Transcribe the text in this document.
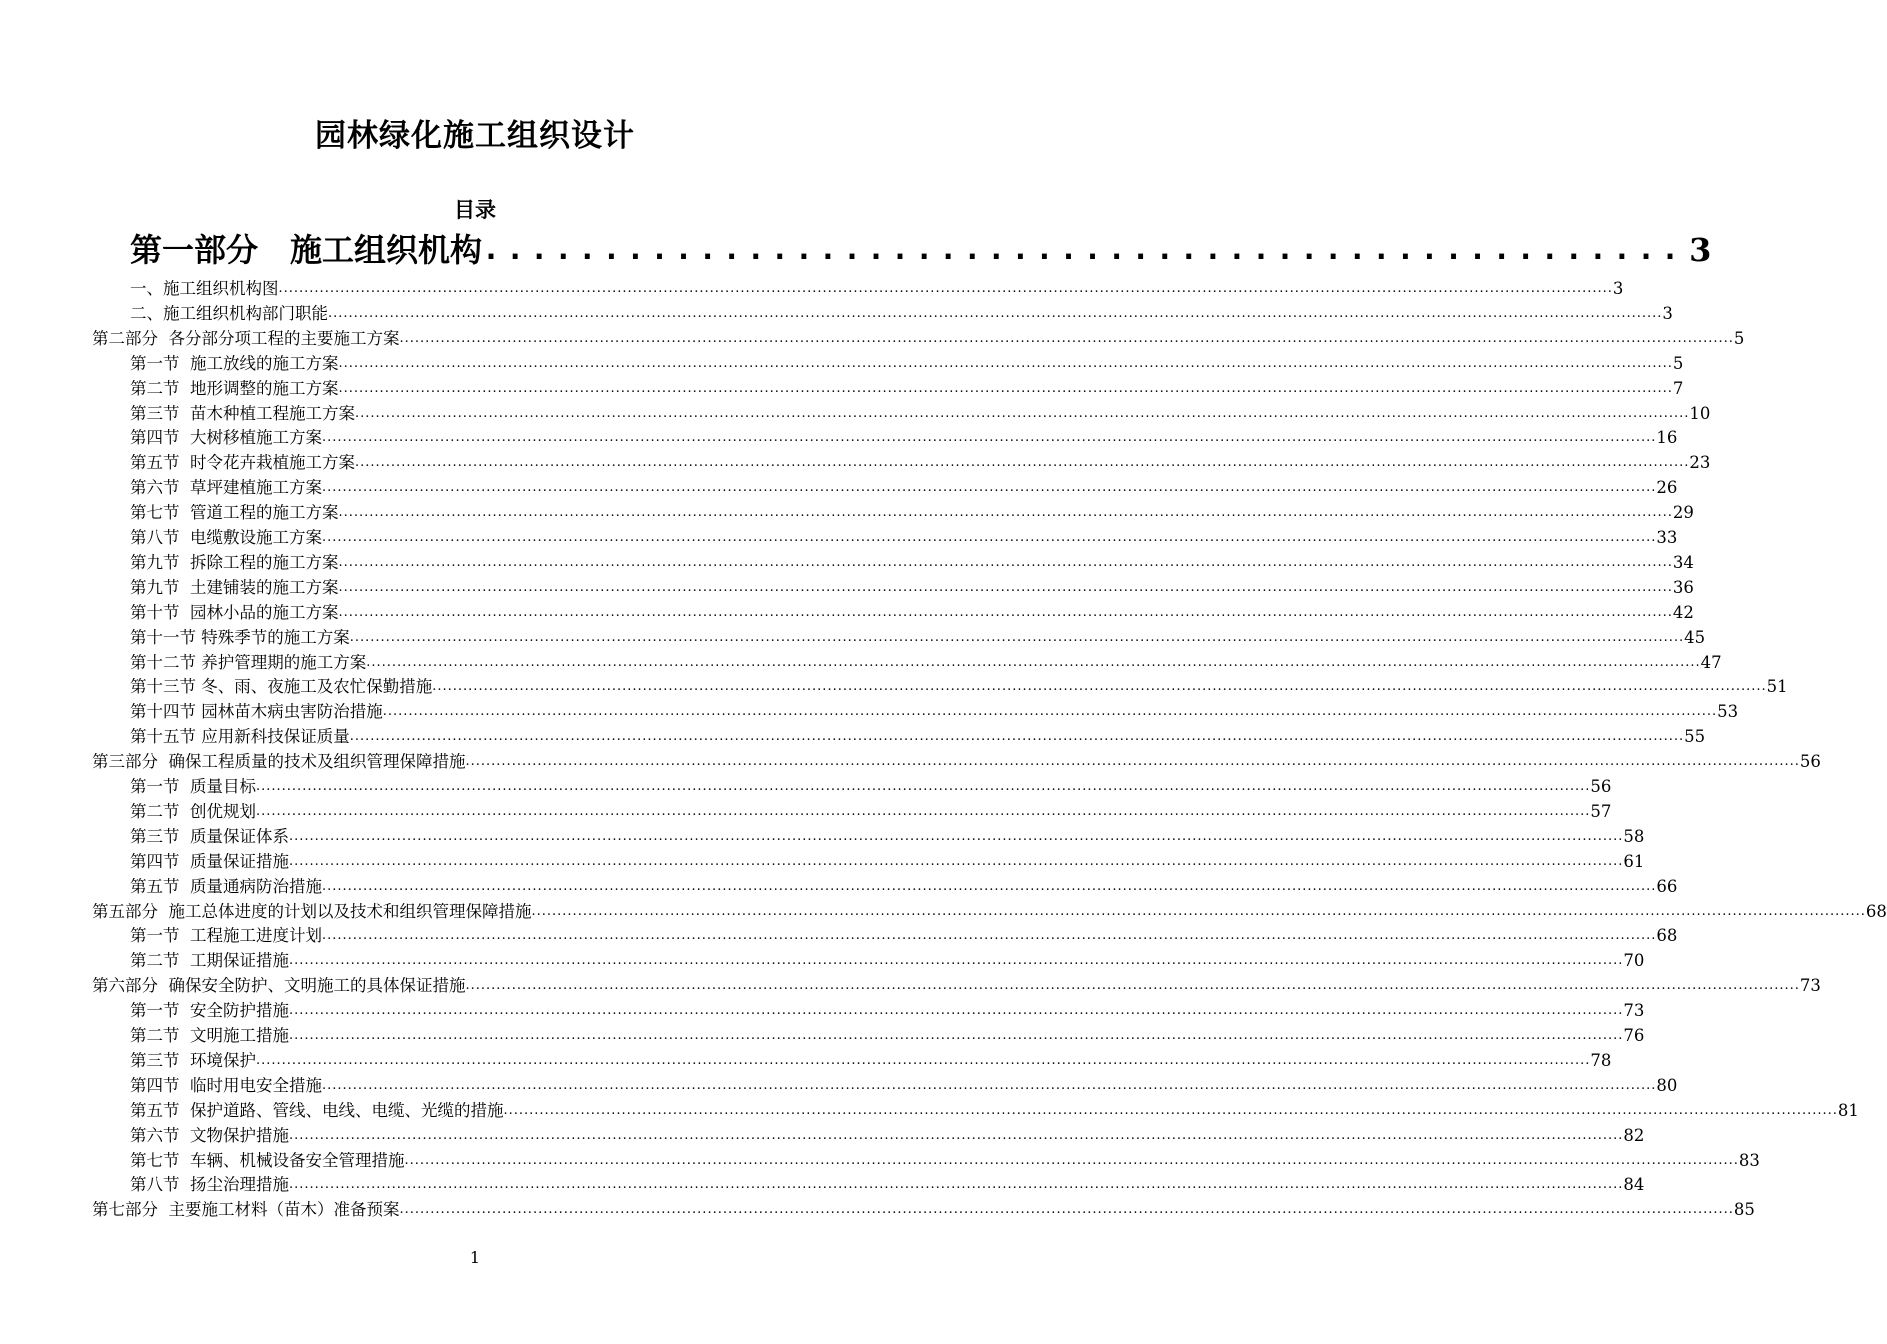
园林绿化施工组织设计
目录
第一部分　施工组织机构 .................................................. 3
一、施工组织机构图 .................................................................................................................................................................................................................................................................... 3
二、施工组织机构部门职能 .................................................................................................................................................................................................................................................................... 3
第二部分  各分部分项工程的主要施工方案 .................................................................................................................................................................................................................................................................... 5
第一节  施工放线的施工方案 .................................................................................................................................................................................................................................................................... 5
第二节  地形调整的施工方案 .................................................................................................................................................................................................................................................................... 7
第三节  苗木种植工程施工方案 .................................................................................................................................................................................................................................................................... 10
第四节  大树移植施工方案 .................................................................................................................................................................................................................................................................... 16
第五节  时令花卉栽植施工方案 .................................................................................................................................................................................................................................................................... 23
第六节  草坪建植施工方案 .................................................................................................................................................................................................................................................................... 26
第七节  管道工程的施工方案 .................................................................................................................................................................................................................................................................... 29
第八节  电缆敷设施工方案 .................................................................................................................................................................................................................................................................... 33
第九节  拆除工程的施工方案 .................................................................................................................................................................................................................................................................... 34
第九节  土建铺装的施工方案 .................................................................................................................................................................................................................................................................... 36
第十节  园林小品的施工方案 .................................................................................................................................................................................................................................................................... 42
第十一节 特殊季节的施工方案 .................................................................................................................................................................................................................................................................... 45
第十二节 养护管理期的施工方案 .................................................................................................................................................................................................................................................................... 47
第十三节 冬、雨、夜施工及农忙保勤措施 .................................................................................................................................................................................................................................................................... 51
第十四节 园林苗木病虫害防治措施 .................................................................................................................................................................................................................................................................... 53
第十五节 应用新科技保证质量 .................................................................................................................................................................................................................................................................... 55
第三部分  确保工程质量的技术及组织管理保障措施 .................................................................................................................................................................................................................................................................... 56
第一节  质量目标 .................................................................................................................................................................................................................................................................... 56
第二节  创优规划 .................................................................................................................................................................................................................................................................... 57
第三节  质量保证体系 .................................................................................................................................................................................................................................................................... 58
第四节  质量保证措施 .................................................................................................................................................................................................................................................................... 61
第五节  质量通病防治措施 .................................................................................................................................................................................................................................................................... 66
第五部分  施工总体进度的计划以及技术和组织管理保障措施 .................................................................................................................................................................................................................................................................... 68
第一节  工程施工进度计划 .................................................................................................................................................................................................................................................................... 68
第二节  工期保证措施 .................................................................................................................................................................................................................................................................... 70
第六部分  确保安全防护、文明施工的具体保证措施 .................................................................................................................................................................................................................................................................... 73
第一节  安全防护措施 .................................................................................................................................................................................................................................................................... 73
第二节  文明施工措施 .................................................................................................................................................................................................................................................................... 76
第三节  环境保护 .................................................................................................................................................................................................................................................................... 78
第四节  临时用电安全措施 .................................................................................................................................................................................................................................................................... 80
第五节  保护道路、管线、电线、电缆、光缆的措施 .................................................................................................................................................................................................................................................................... 81
第六节  文物保护措施 .................................................................................................................................................................................................................................................................... 82
第七节  车辆、机械设备安全管理措施 .................................................................................................................................................................................................................................................................... 83
第八节  扬尘治理措施 .................................................................................................................................................................................................................................................................... 84
第七部分  主要施工材料（苗木）准备预案 .................................................................................................................................................................................................................................................................... 85
1
